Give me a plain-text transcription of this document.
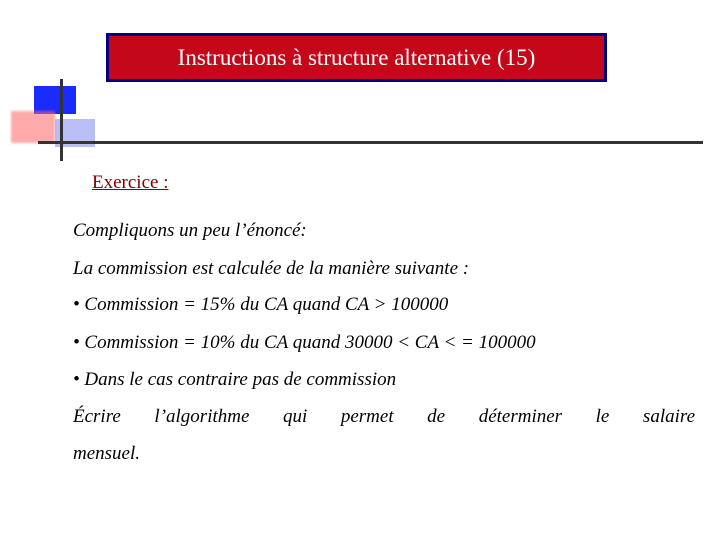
Instructions à structure alternative (15)
Exercice :
Compliquons un peu l’énoncé:
La commission est calculée de la manière suivante :
• Commission = 15% du CA quand CA > 100000
• Commission = 10% du CA quand 30000 < CA < = 100000
• Dans le cas contraire pas de commission
Écrire l’algorithme qui permet de déterminer le salaire
mensuel.
